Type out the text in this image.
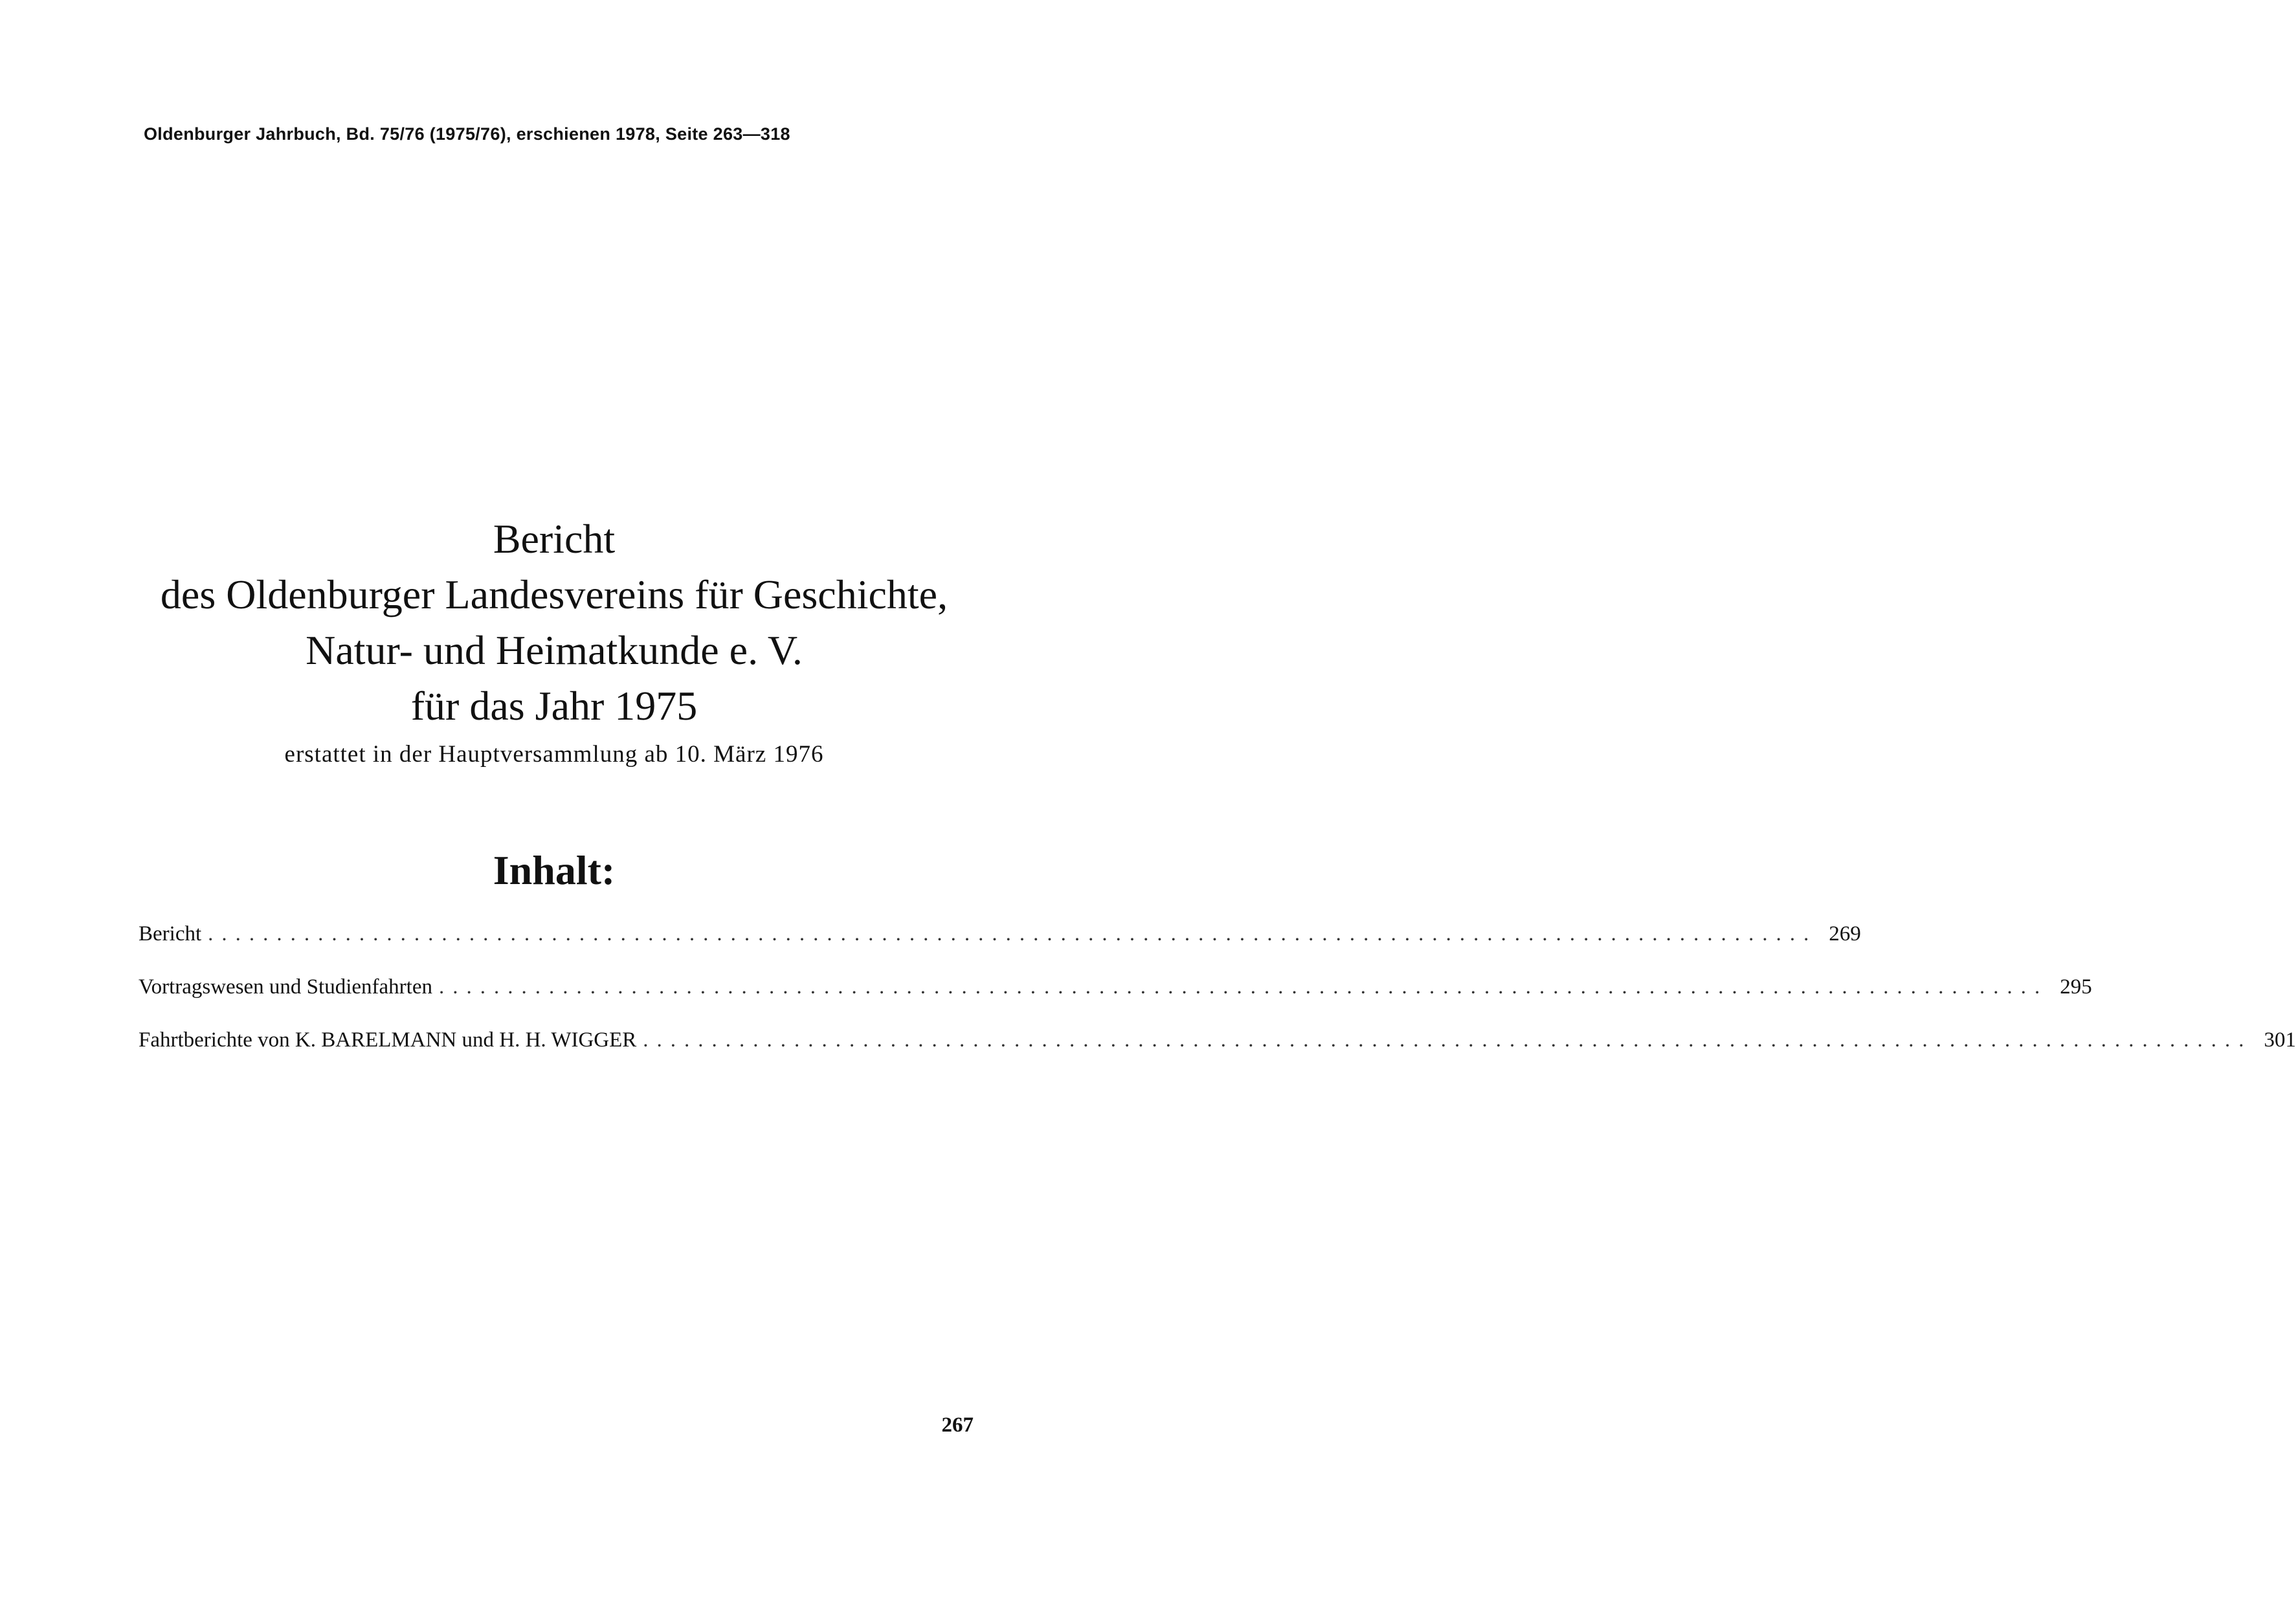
Oldenburger Jahrbuch, Bd. 75/76 (1975/76), erschienen 1978, Seite 263—318
Bericht
des Oldenburger Landesvereins für Geschichte,
Natur- und Heimatkunde e. V.
für das Jahr 1975
erstattet in der Hauptversammlung ab 10. März 1976
Inhalt:
Bericht ..................................................................................................................... 269
Vortragswesen und Studienfahrten ..................................................................................................................... 295
Fahrtberichte von K. BARELMANN und H. H. WIGGER ..................................................................................................................... 301
267
